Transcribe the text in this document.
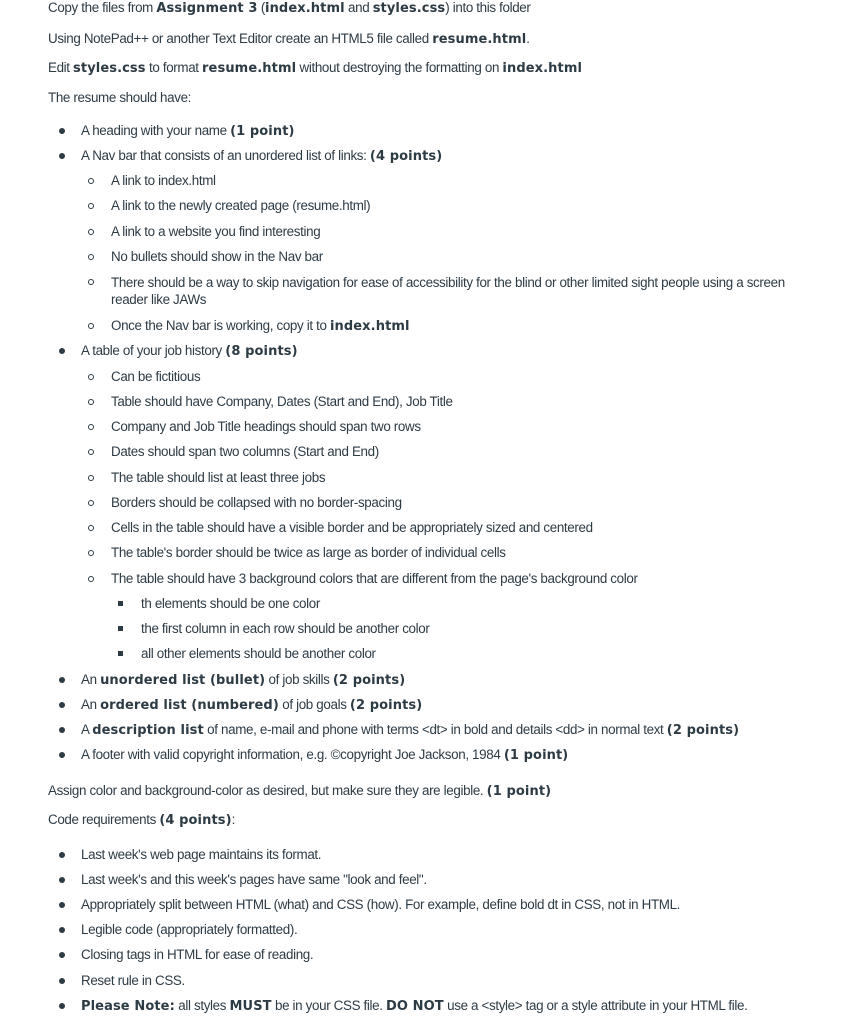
Copy the files from Assignment 3 (index.html and styles.css) into this folder
Using NotePad++ or another Text Editor create an HTML5 file called resume.html.
Edit styles.css to format resume.html without destroying the formatting on index.html
The resume should have:
A heading with your name (1 point)
A Nav bar that consists of an unordered list of links: (4 points)
A link to index.html
A link to the newly created page (resume.html)
A link to a website you find interesting
No bullets should show in the Nav bar
There should be a way to skip navigation for ease of accessibility for the blind or other limited sight people using a screen reader like JAWs
Once the Nav bar is working, copy it to index.html
A table of your job history (8 points)
Can be fictitious
Table should have Company, Dates (Start and End), Job Title
Company and Job Title headings should span two rows
Dates should span two columns (Start and End)
The table should list at least three jobs
Borders should be collapsed with no border-spacing
Cells in the table should have a visible border and be appropriately sized and centered
The table's border should be twice as large as border of individual cells
The table should have 3 background colors that are different from the page's background color
th elements should be one color
the first column in each row should be another color
all other elements should be another color
An unordered list (bullet) of job skills (2 points)
An ordered list (numbered) of job goals (2 points)
A description list of name, e-mail and phone with terms <dt> in bold and details <dd> in normal text (2 points)
A footer with valid copyright information, e.g. ©copyright Joe Jackson, 1984 (1 point)
Assign color and background-color as desired, but make sure they are legible. (1 point)
Code requirements (4 points):
Last week's web page maintains its format.
Last week's and this week's pages have same "look and feel".
Appropriately split between HTML (what) and CSS (how). For example, define bold dt in CSS, not in HTML.
Legible code (appropriately formatted).
Closing tags in HTML for ease of reading.
Reset rule in CSS.
Please Note: all styles MUST be in your CSS file. DO NOT use a <style> tag or a style attribute in your HTML file.
